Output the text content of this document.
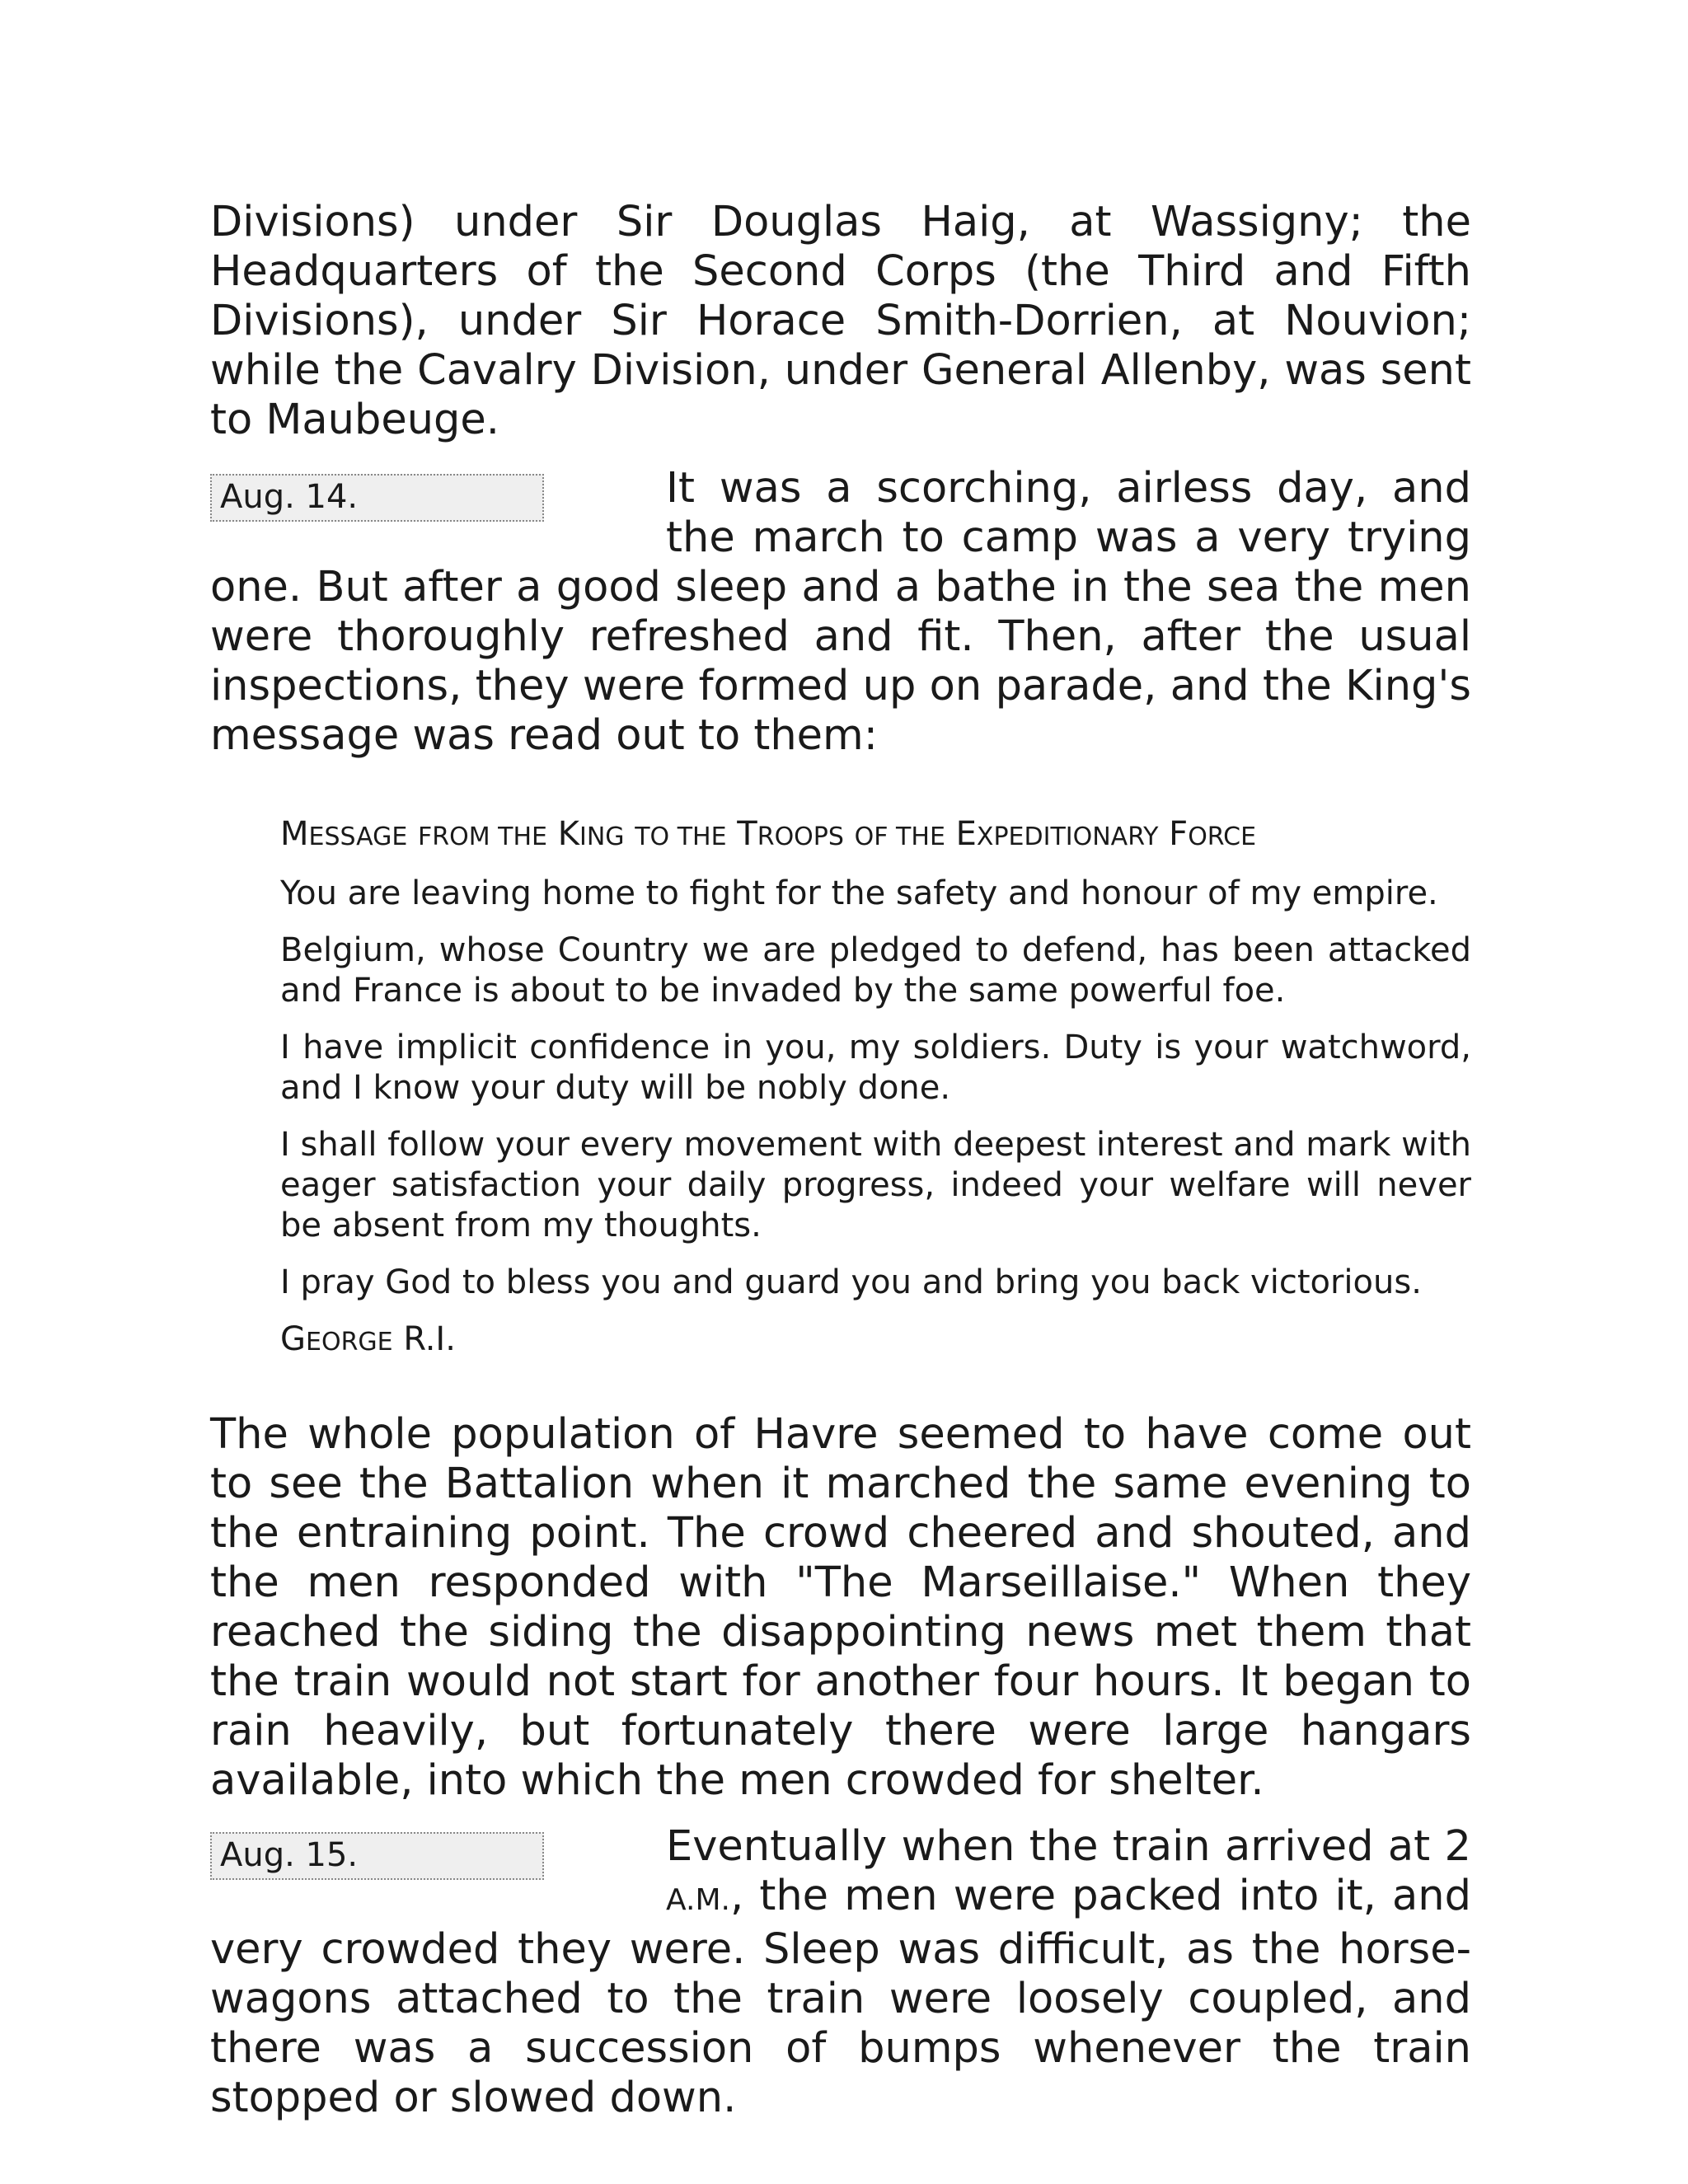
Divisions) under Sir Douglas Haig, at Wassigny; the Headquarters of the Second Corps (the Third and Fifth Divisions), under Sir Horace Smith-Dorrien, at Nouvion; while the Cavalry Division, under General Allenby, was sent to Maubeuge.

Aug. 14.	It was a scorching, airless day, and the march to camp was a very trying one. But after a good sleep and a bathe in the sea the men were thoroughly refreshed and fit. Then, after the usual inspections, they were formed up on parade, and the King's message was read out to them:

MESSAGE FROM THE KING TO THE TROOPS OF THE EXPEDITIONARY FORCE

You are leaving home to fight for the safety and honour of my empire.

Belgium, whose Country we are pledged to defend, has been attacked and France is about to be invaded by the same powerful foe.

I have implicit confidence in you, my soldiers. Duty is your watchword, and I know your duty will be nobly done.

I shall follow your every movement with deepest interest and mark with eager satisfaction your daily progress, indeed your welfare will never be absent from my thoughts.

I pray God to bless you and guard you and bring you back victorious.

GEORGE R.I.

The whole population of Havre seemed to have come out to see the Battalion when it marched the same evening to the entraining point. The crowd cheered and shouted, and the men responded with "The Marseillaise." When they reached the siding the disappointing news met them that the train would not start for another four hours. It began to rain heavily, but fortunately there were large hangars available, into which the men crowded for shelter.

Aug. 15.	Eventually when the train arrived at 2 A.M., the men were packed into it, and very crowded they were. Sleep was difficult, as the horse-wagons attached to the train were loosely coupled, and there was a succession of bumps whenever the train stopped or slowed down.
